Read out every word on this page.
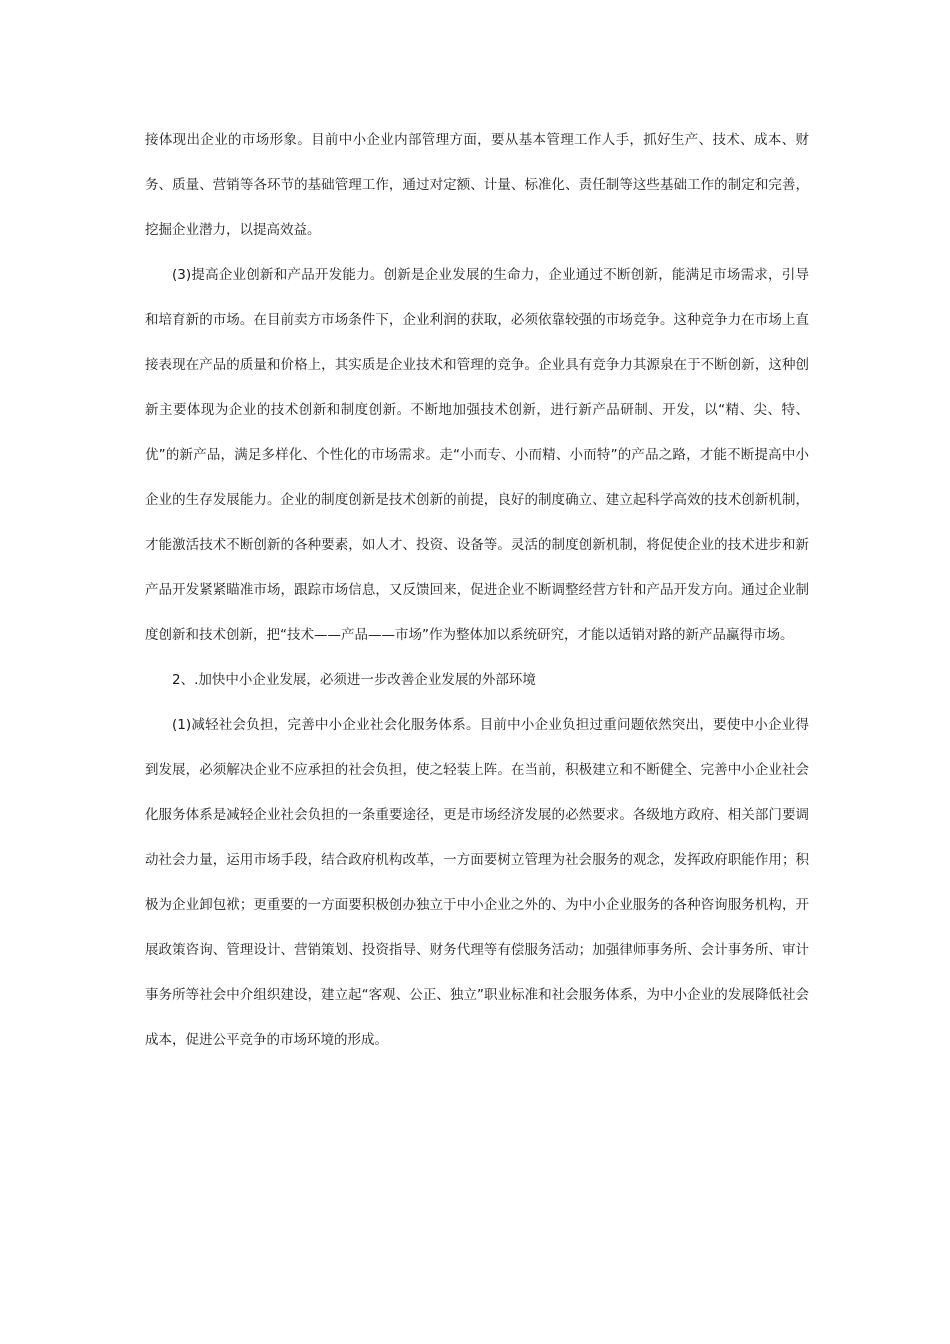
接体现出企业的市场形象。目前中小企业内部管理方面，要从基本管理工作人手，抓好生产、技术、成本、财务、质量、营销等各环节的基础管理工作，通过对定额、计量、标准化、责任制等这些基础工作的制定和完善，挖掘企业潜力，以提高效益。

(3)提高企业创新和产品开发能力。创新是企业发展的生命力，企业通过不断创新，能满足市场需求，引导和培育新的市场。在目前卖方市场条件下，企业利润的获取，必须依靠较强的市场竞争。这种竞争力在市场上直接表现在产品的质量和价格上，其实质是企业技术和管理的竞争。企业具有竞争力其源泉在于不断创新，这种创新主要体现为企业的技术创新和制度创新。不断地加强技术创新，进行新产品研制、开发，以“精、尖、特、优”的新产品，满足多样化、个性化的市场需求。走“小而专、小而精、小而特”的产品之路，才能不断提高中小企业的生存发展能力。企业的制度创新是技术创新的前提，良好的制度确立、建立起科学高效的技术创新机制，才能激活技术不断创新的各种要素，如人才、投资、设备等。灵活的制度创新机制，将促使企业的技术进步和新产品开发紧紧瞄准市场，跟踪市场信息，又反馈回来，促进企业不断调整经营方针和产品开发方向。通过企业制度创新和技术创新，把“技术——产品——市场”作为整体加以系统研究，才能以适销对路的新产品赢得市场。

2、.加快中小企业发展，必须进一步改善企业发展的外部环境

(1)减轻社会负担，完善中小企业社会化服务体系。目前中小企业负担过重问题依然突出，要使中小企业得到发展，必须解决企业不应承担的社会负担，使之轻装上阵。在当前，积极建立和不断健全、完善中小企业社会化服务体系是减轻企业社会负担的一条重要途径，更是市场经济发展的必然要求。各级地方政府、相关部门要调动社会力量，运用市场手段，结合政府机构改革，一方面要树立管理为社会服务的观念，发挥政府职能作用；积极为企业卸包袱；更重要的一方面要积极创办独立于中小企业之外的、为中小企业服务的各种咨询服务机构，开展政策咨询、管理设计、营销策划、投资指导、财务代理等有偿服务活动；加强律师事务所、会计事务所、审计事务所等社会中介组织建设，建立起“客观、公正、独立”职业标准和社会服务体系，为中小企业的发展降低社会成本，促进公平竞争的市场环境的形成。
